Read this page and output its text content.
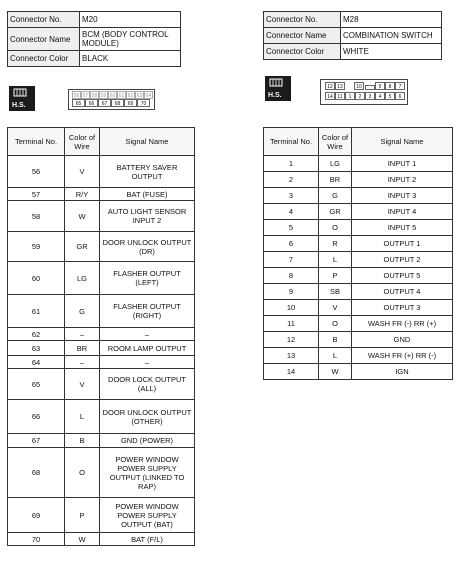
Connector No.	M20
Connector Name	BCM (BODY CONTROL MODULE)
Connector Color	BLACK
Connector No.	M28
Connector Name	COMBINATION SWITCH
Connector Color	WHITE
H.S.
H.S.
56 57 58 59 60 61 62 63 64
65	66	67	68	69	70
12 13	10	9	8	7
14 11	1	2	3	4	5	6
Terminal No.	Color of Wire	Signal Name
56	V	BATTERY SAVER OUTPUT
57	R/Y	BAT (FUSE)
58	W	AUTO LIGHT SENSOR INPUT 2
59	GR	DOOR UNLOCK OUTPUT (DR)
60	LG	FLASHER OUTPUT (LEFT)
61	G	FLASHER OUTPUT (RIGHT)
62	–	–
63	BR	ROOM LAMP OUTPUT
64	–	–
65	V	DOOR LOCK OUTPUT (ALL)
66	L	DOOR UNLOCK OUTPUT (OTHER)
67	B	GND (POWER)
68	O	POWER WINDOW POWER SUPPLY OUTPUT (LINKED TO RAP)
69	P	POWER WINDOW POWER SUPPLY OUTPUT (BAT)
70	W	BAT (F/L)
Terminal No.	Color of Wire	Signal Name
1	LG	INPUT 1
2	BR	INPUT 2
3	G	INPUT 3
4	GR	INPUT 4
5	O	INPUT 5
6	R	OUTPUT 1
7	L	OUTPUT 2
8	P	OUTPUT 5
9	SB	OUTPUT 4
10	V	OUTPUT 3
11	O	WASH FR (-) RR (+)
12	B	GND
13	L	WASH FR (+) RR (-)
14	W	IGN
